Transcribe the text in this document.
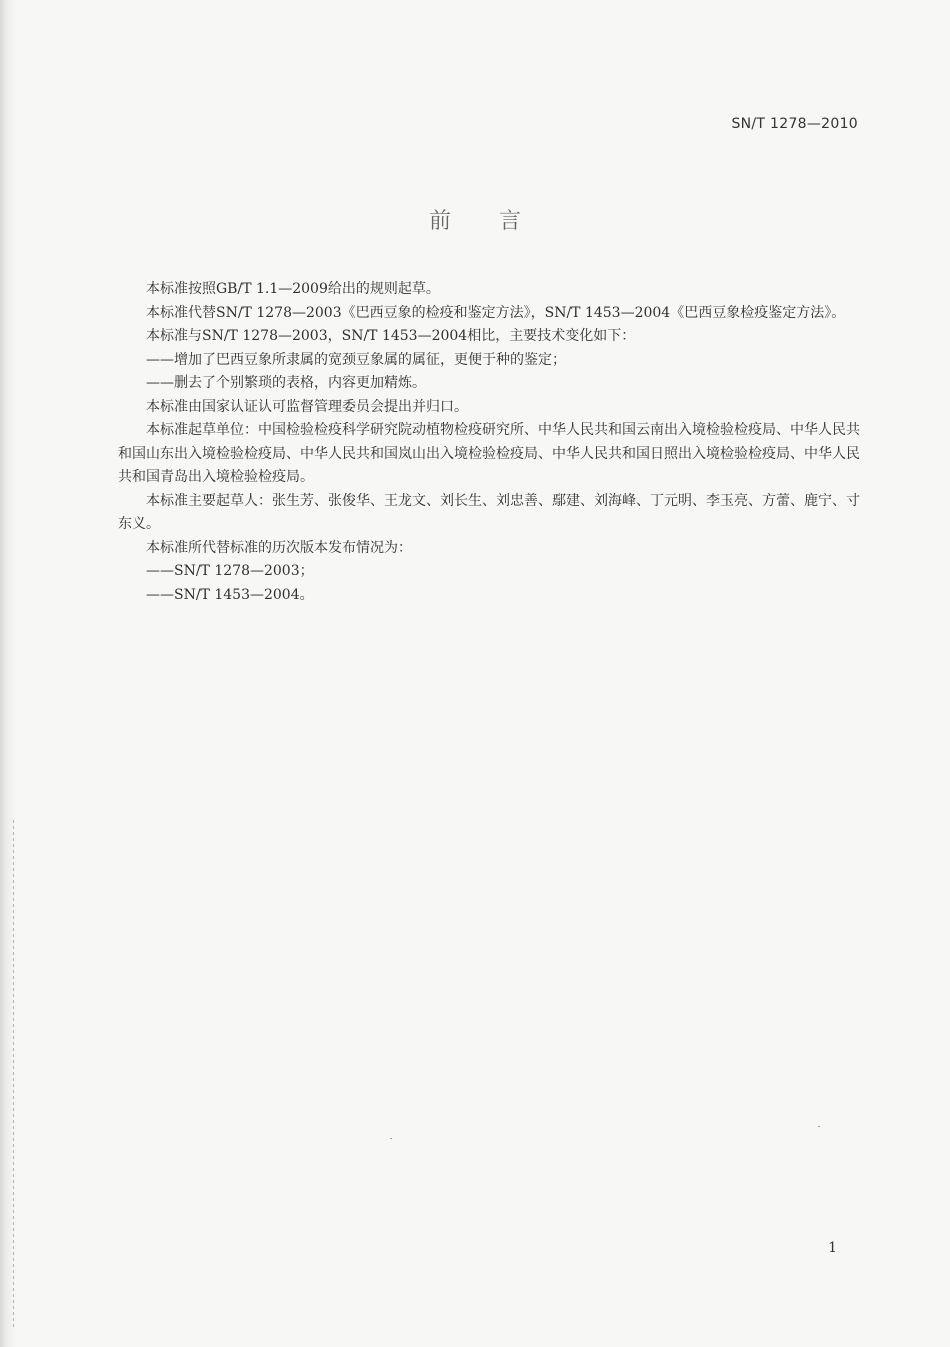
SN/T 1278—2010
前言

本标准按照GB/T 1.1—2009给出的规则起草。

本标准代替SN/T 1278—2003《巴西豆象的检疫和鉴定方法》，SN/T 1453—2004《巴西豆象检疫鉴定方法》。

本标准与SN/T 1278—2003，SN/T 1453—2004相比，主要技术变化如下：

——增加了巴西豆象所隶属的宽颈豆象属的属征，更便于种的鉴定；

——删去了个别繁琐的表格，内容更加精炼。

本标准由国家认证认可监督管理委员会提出并归口。

本标准起草单位：中国检验检疫科学研究院动植物检疫研究所、中华人民共和国云南出入境检验检疫局、中华人民共和国山东出入境检验检疫局、中华人民共和国岚山出入境检验检疫局、中华人民共和国日照出入境检验检疫局、中华人民共和国青岛出入境检验检疫局。

本标准主要起草人：张生芳、张俊华、王龙文、刘长生、刘忠善、鄢建、刘海峰、丁元明、李玉亮、方蕾、鹿宁、寸东义。

本标准所代替标准的历次版本发布情况为：

——SN/T 1278—2003；

——SN/T 1453—2004。

1
